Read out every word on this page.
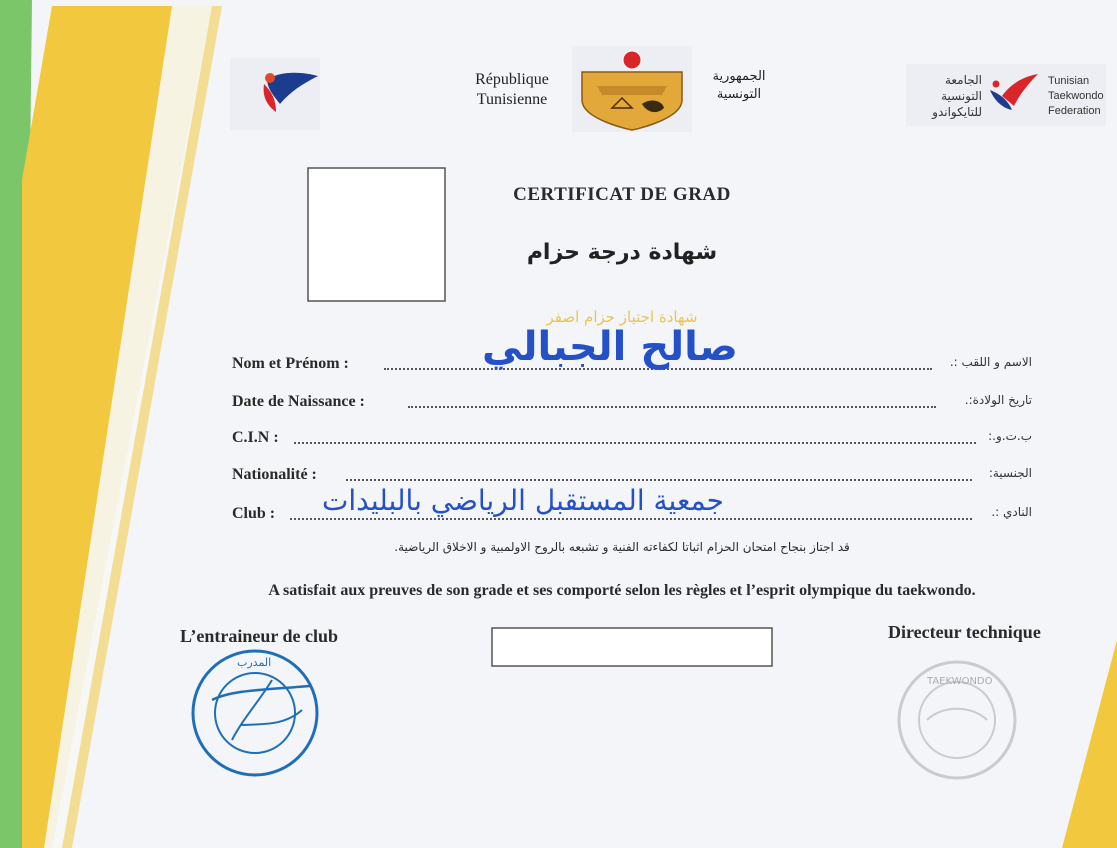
République Tunisienne
الجمهورية التونسية
الجامعة
التونسية
للتايكواندو
Tunisian
Taekwondo
Federation
CERTIFICAT DE GRAD
شهادة درجة حزام
شهادة اجتياز حزام اصفر
Nom et Prénom :	الاسم و اللقب :.
صالح الجبالي
Date de Naissance :	تاريخ الولادة:.
C.I.N :	ب.ت.و.:
Nationalité :	الجنسية:
Club :	النادي :.
جمعية المستقبل الرياضي بالبليدات
قد اجتاز بنجاح امتحان الحزام اثباتا لكفاءته الفنية و تشبعه بالروح الاولمبية و الاخلاق الرياضية.
A satisfait aux preuves de son grade et ses comporté selon les règles et l’esprit olympique du taekwondo.
L’entraineur de club	Directeur technique
المدرب
TAEKWONDO
